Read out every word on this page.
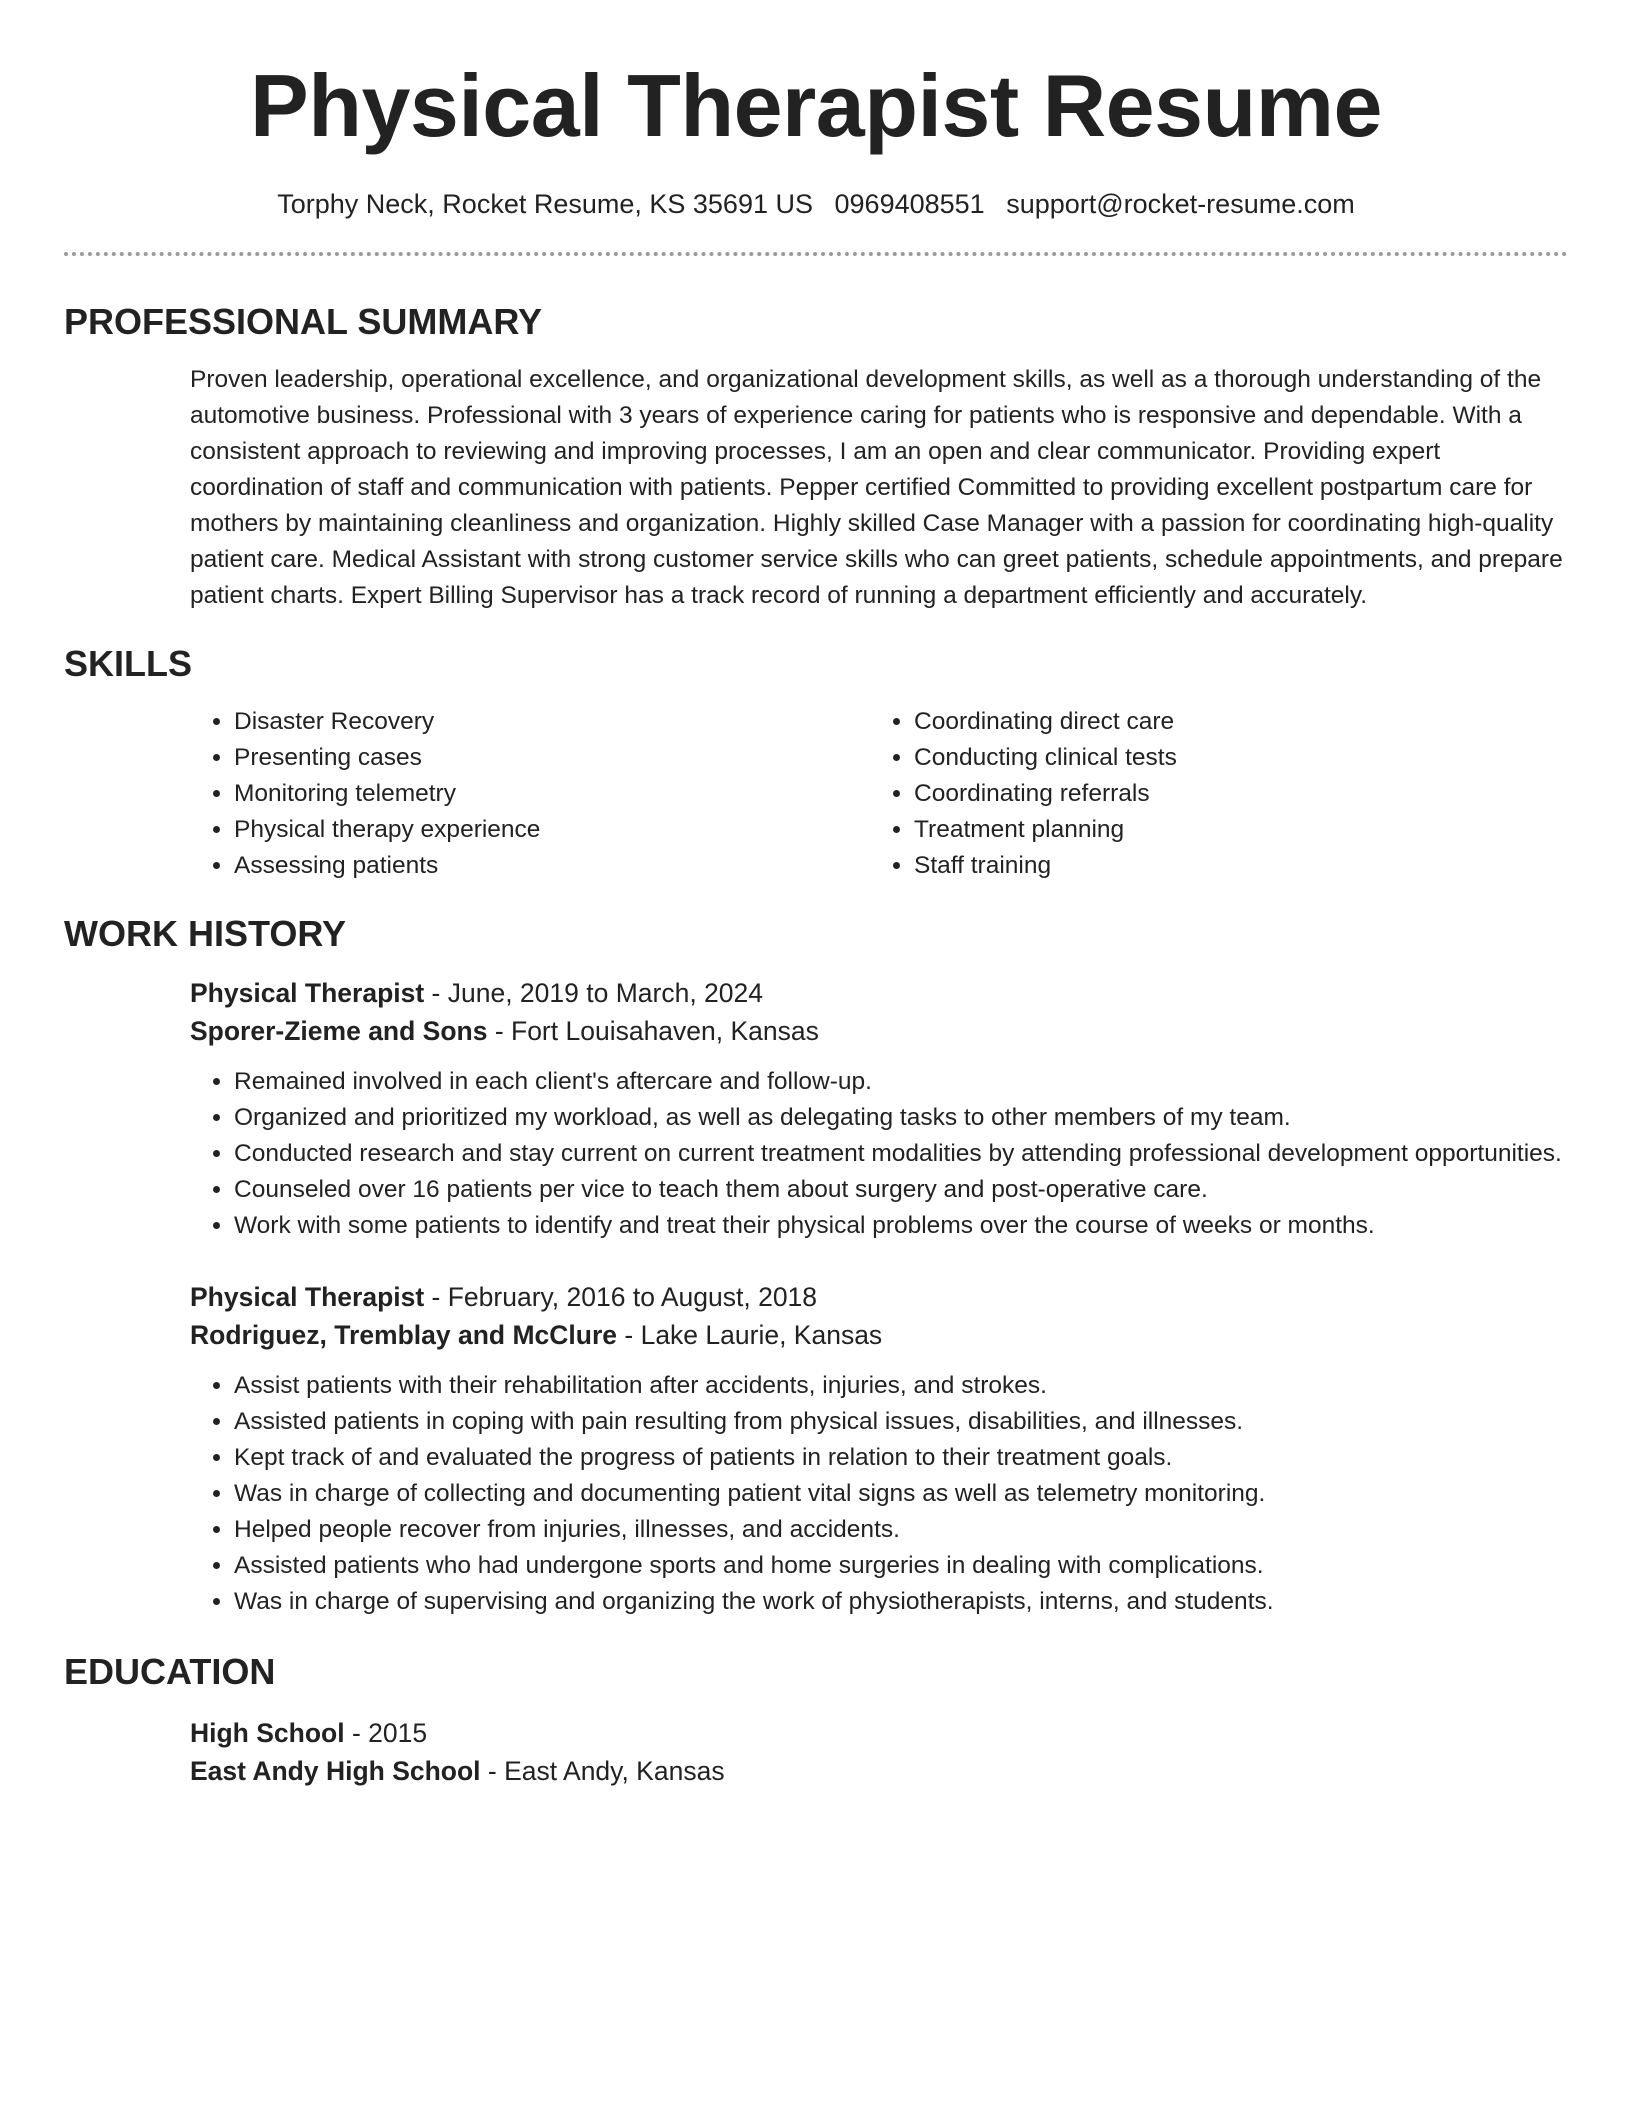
Physical Therapist Resume
Torphy Neck, Rocket Resume, KS 35691 US 0969408551 support@rocket-resume.com
PROFESSIONAL SUMMARY

Proven leadership, operational excellence, and organizational development skills, as well as a thorough understanding of the automotive business. Professional with 3 years of experience caring for patients who is responsive and dependable. With a consistent approach to reviewing and improving processes, I am an open and clear communicator. Providing expert coordination of staff and communication with patients. Pepper certified Committed to providing excellent postpartum care for mothers by maintaining cleanliness and organization. Highly skilled Case Manager with a passion for coordinating high-quality patient care. Medical Assistant with strong customer service skills who can greet patients, schedule appointments, and prepare patient charts. Expert Billing Supervisor has a track record of running a department efficiently and accurately.

SKILLS
• Disaster Recovery
• Presenting cases
• Monitoring telemetry
• Physical therapy experience
• Assessing patients
• Coordinating direct care
• Conducting clinical tests
• Coordinating referrals
• Treatment planning
• Staff training
WORK HISTORY
Physical Therapist - June, 2019 to March, 2024
Sporer-Zieme and Sons - Fort Louisahaven, Kansas
• Remained involved in each client's aftercare and follow-up.
• Organized and prioritized my workload, as well as delegating tasks to other members of my team.
• Conducted research and stay current on current treatment modalities by attending professional development opportunities.
• Counseled over 16 patients per vice to teach them about surgery and post-operative care.
• Work with some patients to identify and treat their physical problems over the course of weeks or months.
Physical Therapist - February, 2016 to August, 2018
Rodriguez, Tremblay and McClure - Lake Laurie, Kansas
• Assist patients with their rehabilitation after accidents, injuries, and strokes.
• Assisted patients in coping with pain resulting from physical issues, disabilities, and illnesses.
• Kept track of and evaluated the progress of patients in relation to their treatment goals.
• Was in charge of collecting and documenting patient vital signs as well as telemetry monitoring.
• Helped people recover from injuries, illnesses, and accidents.
• Assisted patients who had undergone sports and home surgeries in dealing with complications.
• Was in charge of supervising and organizing the work of physiotherapists, interns, and students.
EDUCATION
High School - 2015
East Andy High School - East Andy, Kansas
